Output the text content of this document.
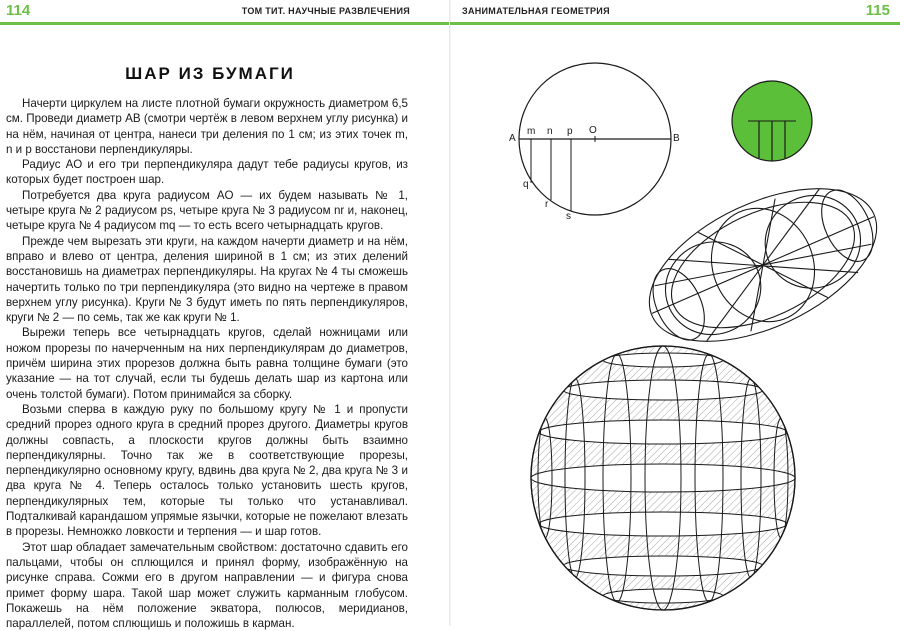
114	ТОМ ТИТ. НАУЧНЫЕ РАЗВЛЕЧЕНИЯ
ШАР ИЗ БУМАГИ

Начерти циркулем на листе плотной бумаги окружность диаметром 6,5 см. Проведи диаметр AB (смотри чертёж в левом верхнем углу рисунка) и на нём, начиная от центра, нанеси три деления по 1 см; из этих точек m, n и p восстанови перпендикуляры.

Радиус AO и его три перпендикуляра дадут тебе радиусы кругов, из которых будет построен шар.

Потребуется два круга радиусом AO — их будем называть № 1, четыре круга № 2 радиусом ps, четыре круга № 3 радиусом nr и, наконец, четыре круга № 4 радиусом mq — то есть всего четырнадцать кругов.

Прежде чем вырезать эти круги, на каждом начерти диаметр и на нём, вправо и влево от центра, деления шириной в 1 см; из этих делений восстановишь на диаметрах перпендикуляры. На кругах № 4 ты сможешь начертить только по три перпендикуляра (это видно на чертеже в правом верхнем углу рисунка). Круги № 3 будут иметь по пять перпендикуляров, круги № 2 — по семь, так же как круги № 1.

Вырежи теперь все четырнадцать кругов, сделай ножницами или ножом прорезы по начерченным на них перпендикулярам до диаметров, причём ширина этих прорезов должна быть равна толщине бумаги (это указание — на тот случай, если ты будешь делать шар из картона или очень толстой бумаги). Потом принимайся за сборку.

Возьми сперва в каждую руку по большому кругу № 1 и пропусти средний прорез одного круга в средний прорез другого. Диаметры кругов должны совпасть, а плоскости кругов должны быть взаимно перпендикулярны. Точно так же в соответствующие прорезы, перпендикулярно основному кругу, вдвинь два круга № 2, два круга № 3 и два круга № 4. Теперь осталось только установить шесть кругов, перпендикулярных тем, которые ты только что устанавливал. Подталкивай карандашом упрямые язычки, которые не пожелают влезать в прорезы. Немножко ловкости и терпения — и шар готов.

Этот шар обладает замечательным свойством: достаточно сдавить его пальцами, чтобы он сплющился и принял форму, изображённую на рисунке справа. Сожми его в другом направлении — и фигура снова примет форму шара. Такой шар может служить карманным глобусом. Покажешь на нём положение экватора, полюсов, меридианов, параллелей, потом сплющишь и положишь в карман.

ЗАНИМАТЕЛЬНАЯ ГЕОМЕТРИЯ	115
A
m n p O
B
q
r
s
